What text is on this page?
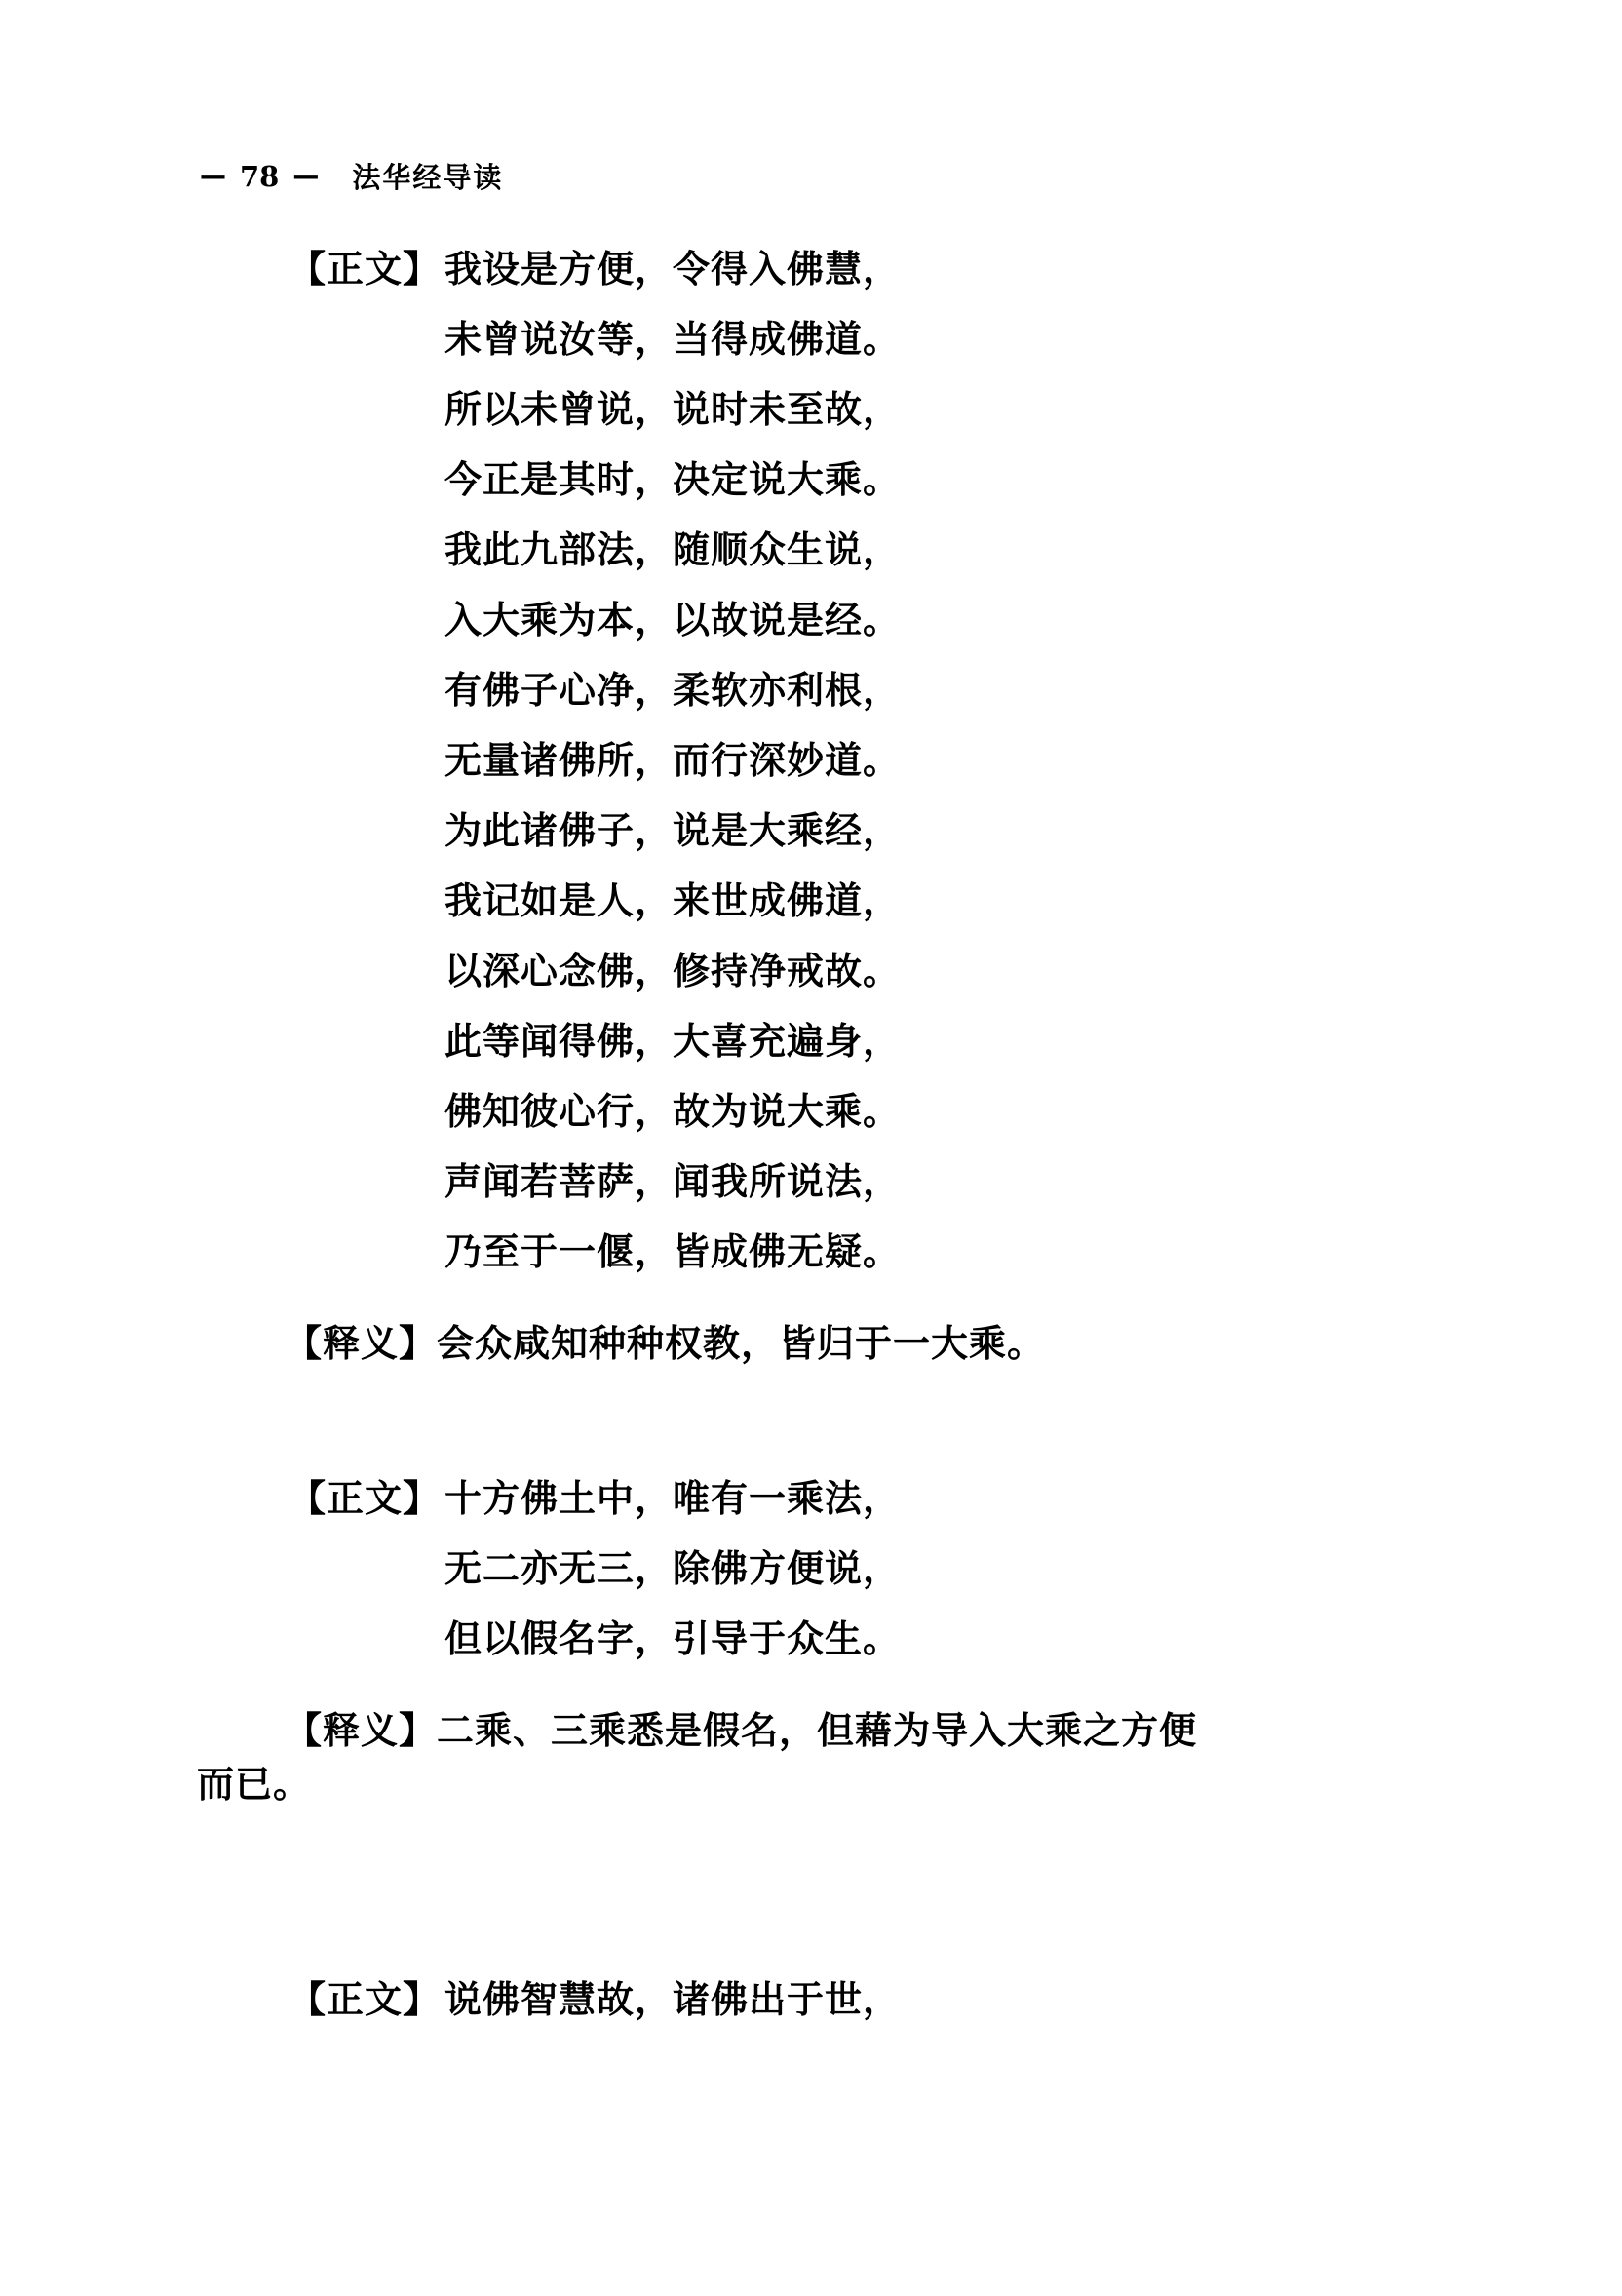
— 78 — 法华经导读
【正文】 我设是方便，令得入佛慧，
未曾说汝等，当得成佛道。
所以未曾说，说时未至故，
今正是其时，决定说大乘。
我此九部法，随顺众生说，
入大乘为本，以故说是经。
有佛子心净，柔软亦利根，
无量诸佛所，而行深妙道。
为此诸佛子，说是大乘经，
我记如是人，来世成佛道，
以深心念佛，修持净戒故。
此等闻得佛，大喜充遍身，
佛知彼心行，故为说大乘。
声闻若菩萨，闻我所说法，
乃至于一偃，皆成佛无疑。
【释义】会众咸知种种权教，皆归于一大乘。
【正文】 十方佛土中，唯有一乘法，
无二亦无三，除佛方便说，
但以假名字，引导于众生。
【释义】二乘、三乘悉是假名，但藉为导入大乘之方便
而已。
【正文】 说佛智慧故，诸佛出于世，
